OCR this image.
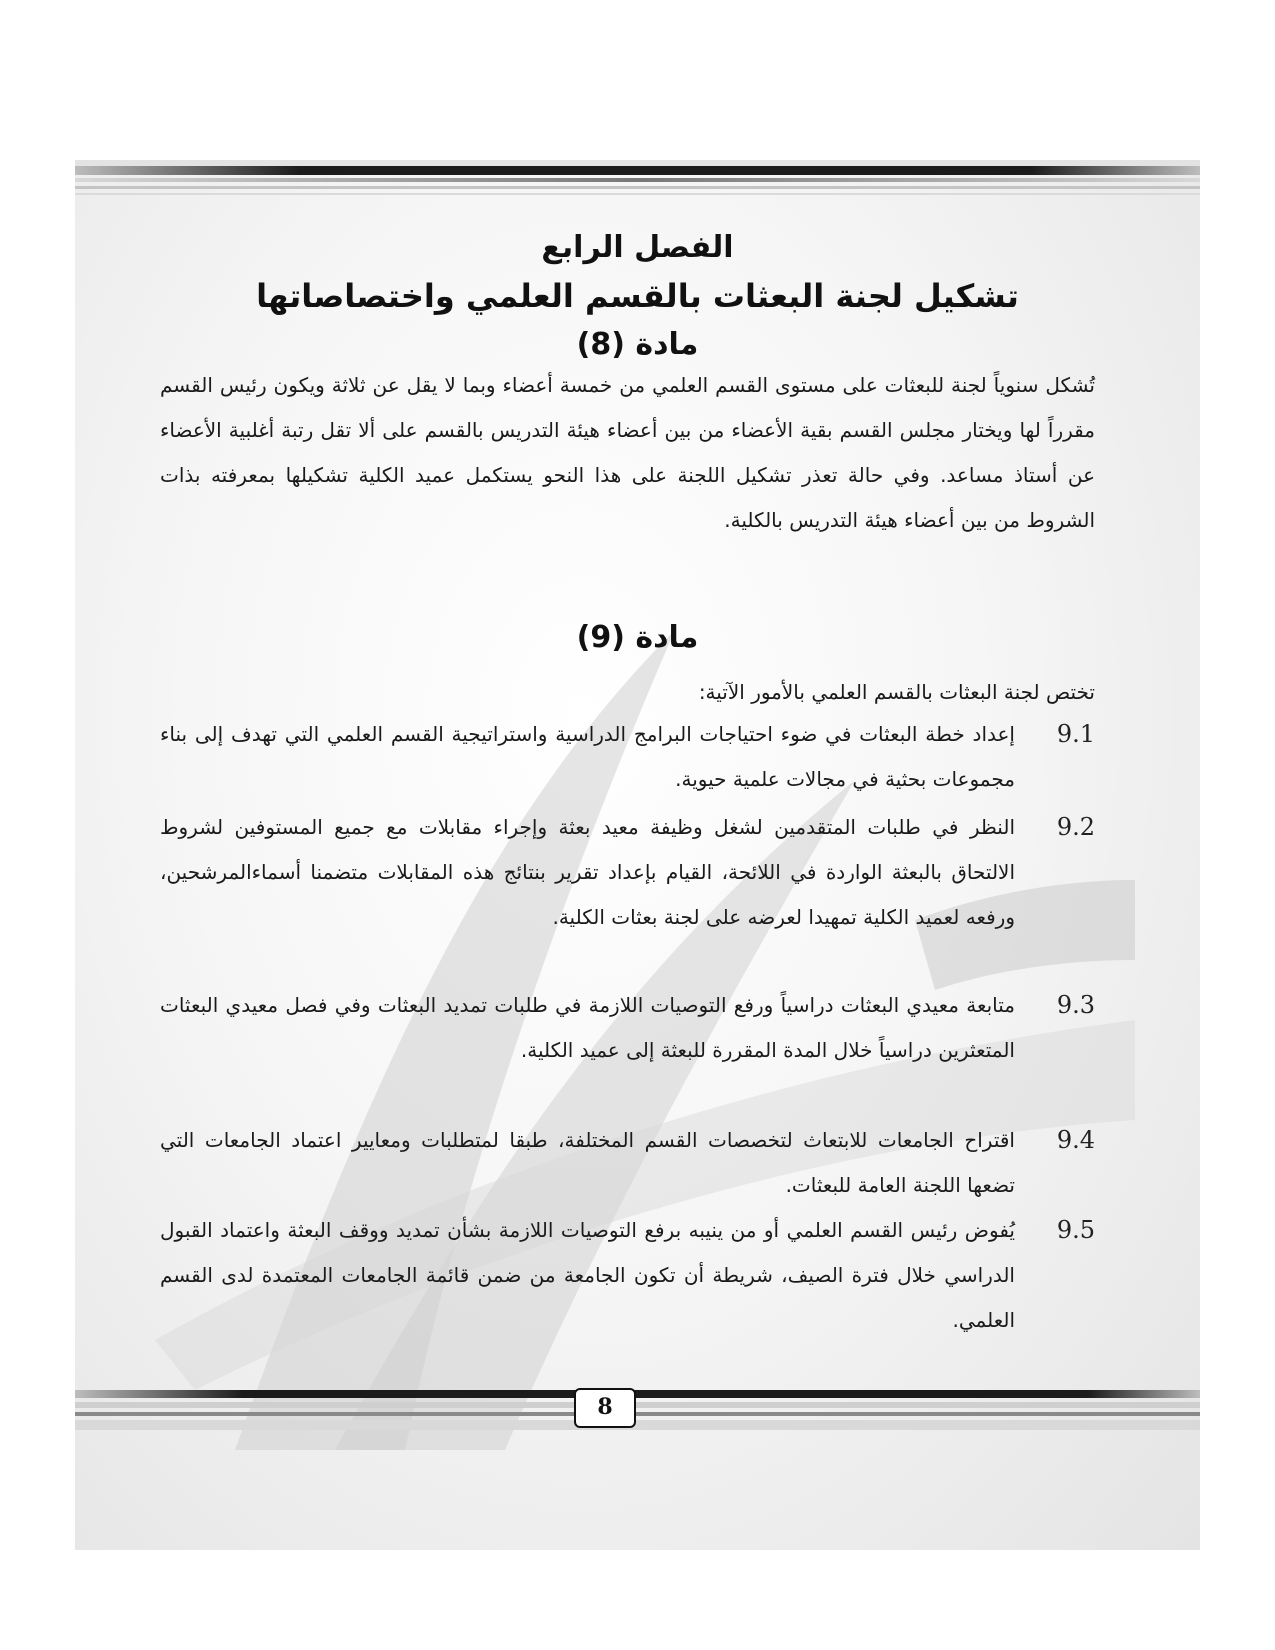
الفصل الرابع
تشكيل لجنة البعثات بالقسم العلمي واختصاصاتها
مادة (8)

تُشكل سنوياً لجنة للبعثات على مستوى القسم العلمي من خمسة أعضاء وبما لا يقل عن ثلاثة ويكون رئيس القسم مقرراً لها ويختار مجلس القسم بقية الأعضاء من بين أعضاء هيئة التدريس بالقسم على ألا تقل رتبة أغلبية الأعضاء عن أستاذ مساعد. وفي حالة تعذر تشكيل اللجنة على هذا النحو يستكمل عميد الكلية تشكيلها بمعرفته بذات الشروط من بين أعضاء هيئة التدريس بالكلية.

مادة (9)

تختص لجنة البعثات بالقسم العلمي بالأمور الآتية:

9.1

إعداد خطة البعثات في ضوء احتياجات البرامج الدراسية واستراتيجية القسم العلمي التي تهدف إلى بناء مجموعات بحثية في مجالات علمية حيوية.

9.2

النظر في طلبات المتقدمين لشغل وظيفة معيد بعثة وإجراء مقابلات مع جميع المستوفين لشروط الالتحاق بالبعثة الواردة في اللائحة، القيام بإعداد تقرير بنتائج هذه المقابلات متضمنا أسماءالمرشحين، ورفعه لعميد الكلية تمهيدا لعرضه على لجنة بعثات الكلية.

9.3

متابعة معيدي البعثات دراسياً ورفع التوصيات اللازمة في طلبات تمديد البعثات وفي فصل معيدي البعثات المتعثرين دراسياً خلال المدة المقررة للبعثة إلى عميد الكلية.

9.4

اقتراح الجامعات للابتعاث لتخصصات القسم المختلفة، طبقا لمتطلبات ومعايير اعتماد الجامعات التي تضعها اللجنة العامة للبعثات.

9.5

يُفوض رئيس القسم العلمي أو من ينيبه برفع التوصيات اللازمة بشأن تمديد ووقف البعثة واعتماد القبول الدراسي خلال فترة الصيف، شريطة أن تكون الجامعة من ضمن قائمة الجامعات المعتمدة لدى القسم العلمي.

8
